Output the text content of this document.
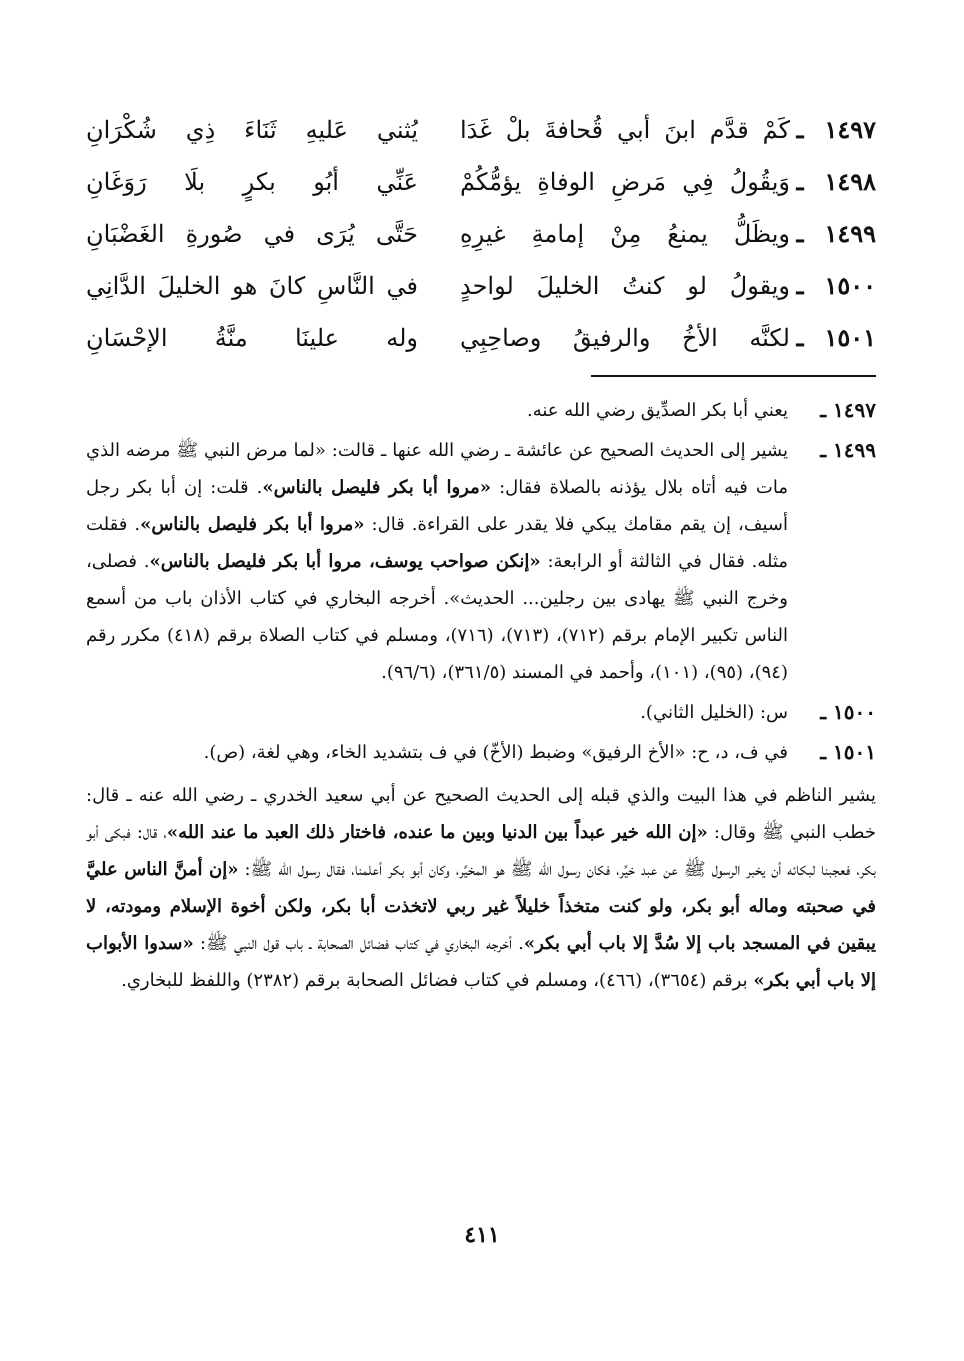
١٤٩٧
ـ
كَمْ قدَّم ابنَ أبي قُحافةَ بلْ غَدَا
يُثني عَليهِ ثَنَاءَ ذِي شُكْرَانِ
١٤٩٨
ـ
وَيقُولُ فِي مَرضِ الوفاةِ يؤمُّكُمْ
عَنِّي أبُو بكرٍ بلَا رَوَغَانِ
١٤٩٩
ـ
ويظَلُّ يمنعُ مِنْ إمامةِ غيرِهِ
حَتَّى يُرَى في صُورةِ الغَضْبَانِ
١٥٠٠
ـ
ويقولُ لو كنتُ الخليلَ لواحدٍ
في النَّاسِ كانَ هو الخليلَ الدَّانِي
١٥٠١
ـ
لكنَّه الأخُ والرفيقُ وصاحِبِي
وله علينَا منَّةُ الإحْسَانِ
١٤٩٧ ـ
يعني أبا بكر الصدِّيق رضي الله عنه.
١٤٩٩ ـ
يشير إلى الحديث الصحيح عن عائشة ـ رضي الله عنها ـ قالت: «لما مرض النبي ﷺ مرضه الذي مات فيه أتاه بلال يؤذنه بالصلاة فقال: «مروا أبا بكر فليصل بالناس». قلت: إن أبا بكر رجل أسيف، إن يقم مقامك يبكي فلا يقدر على القراءة. قال: «مروا أبا بكر فليصل بالناس». فقلت مثله. فقال في الثالثة أو الرابعة: «إنكن صواحب يوسف، مروا أبا بكر فليصل بالناس». فصلى، وخرج النبي ﷺ يهادى بين رجلين... الحديث». أخرجه البخاري في كتاب الأذان باب من أسمع الناس تكبير الإمام برقم (٧١٢)، (٧١٣)، (٧١٦)، ومسلم في كتاب الصلاة برقم (٤١٨) مكرر رقم (٩٤)، (٩٥)، (١٠١)، وأحمد في المسند (٣٦١/٥)، (٩٦/٦).
١٥٠٠ ـ
س: (الخليل الثاني).
١٥٠١ ـ
في ف، د، ح: «الأخ الرفيق» وضبط (الأخّ) في ف بتشديد الخاء، وهي لغة، (ص).
يشير الناظم في هذا البيت والذي قبله إلى الحديث الصحيح عن أبي سعيد الخدري ـ رضي الله عنه ـ قال: خطب النبي ﷺ وقال: «إن الله خير عبداً بين الدنيا وبين ما عنده، فاختار ذلك العبد ما عند الله»، قال: فبكى أبو بكر، فعجبنا لبكائه أن يخبر الرسول ﷺ عن عبد خيِّر، فكان رسول الله ﷺ هو المخيَّر، وكان أبو بكر أعلمنا، فقال رسول الله ﷺ: «إن أمنَّ الناس عليَّ في صحبته وماله أبو بكر، ولو كنت متخذاً خليلاً غير ربي لاتخذت أبا بكر، ولكن أخوة الإسلام ومودته، لا يبقين في المسجد باب إلا سُدَّ إلا باب أبي بكر». أخرجه البخاري في كتاب فضائل الصحابة ـ باب قول النبي ﷺ: «سدوا الأبواب إلا باب أبي بكر» برقم (٣٦٥٤)، (٤٦٦)، ومسلم في كتاب فضائل الصحابة برقم (٢٣٨٢) واللفظ للبخاري.
٤١١
